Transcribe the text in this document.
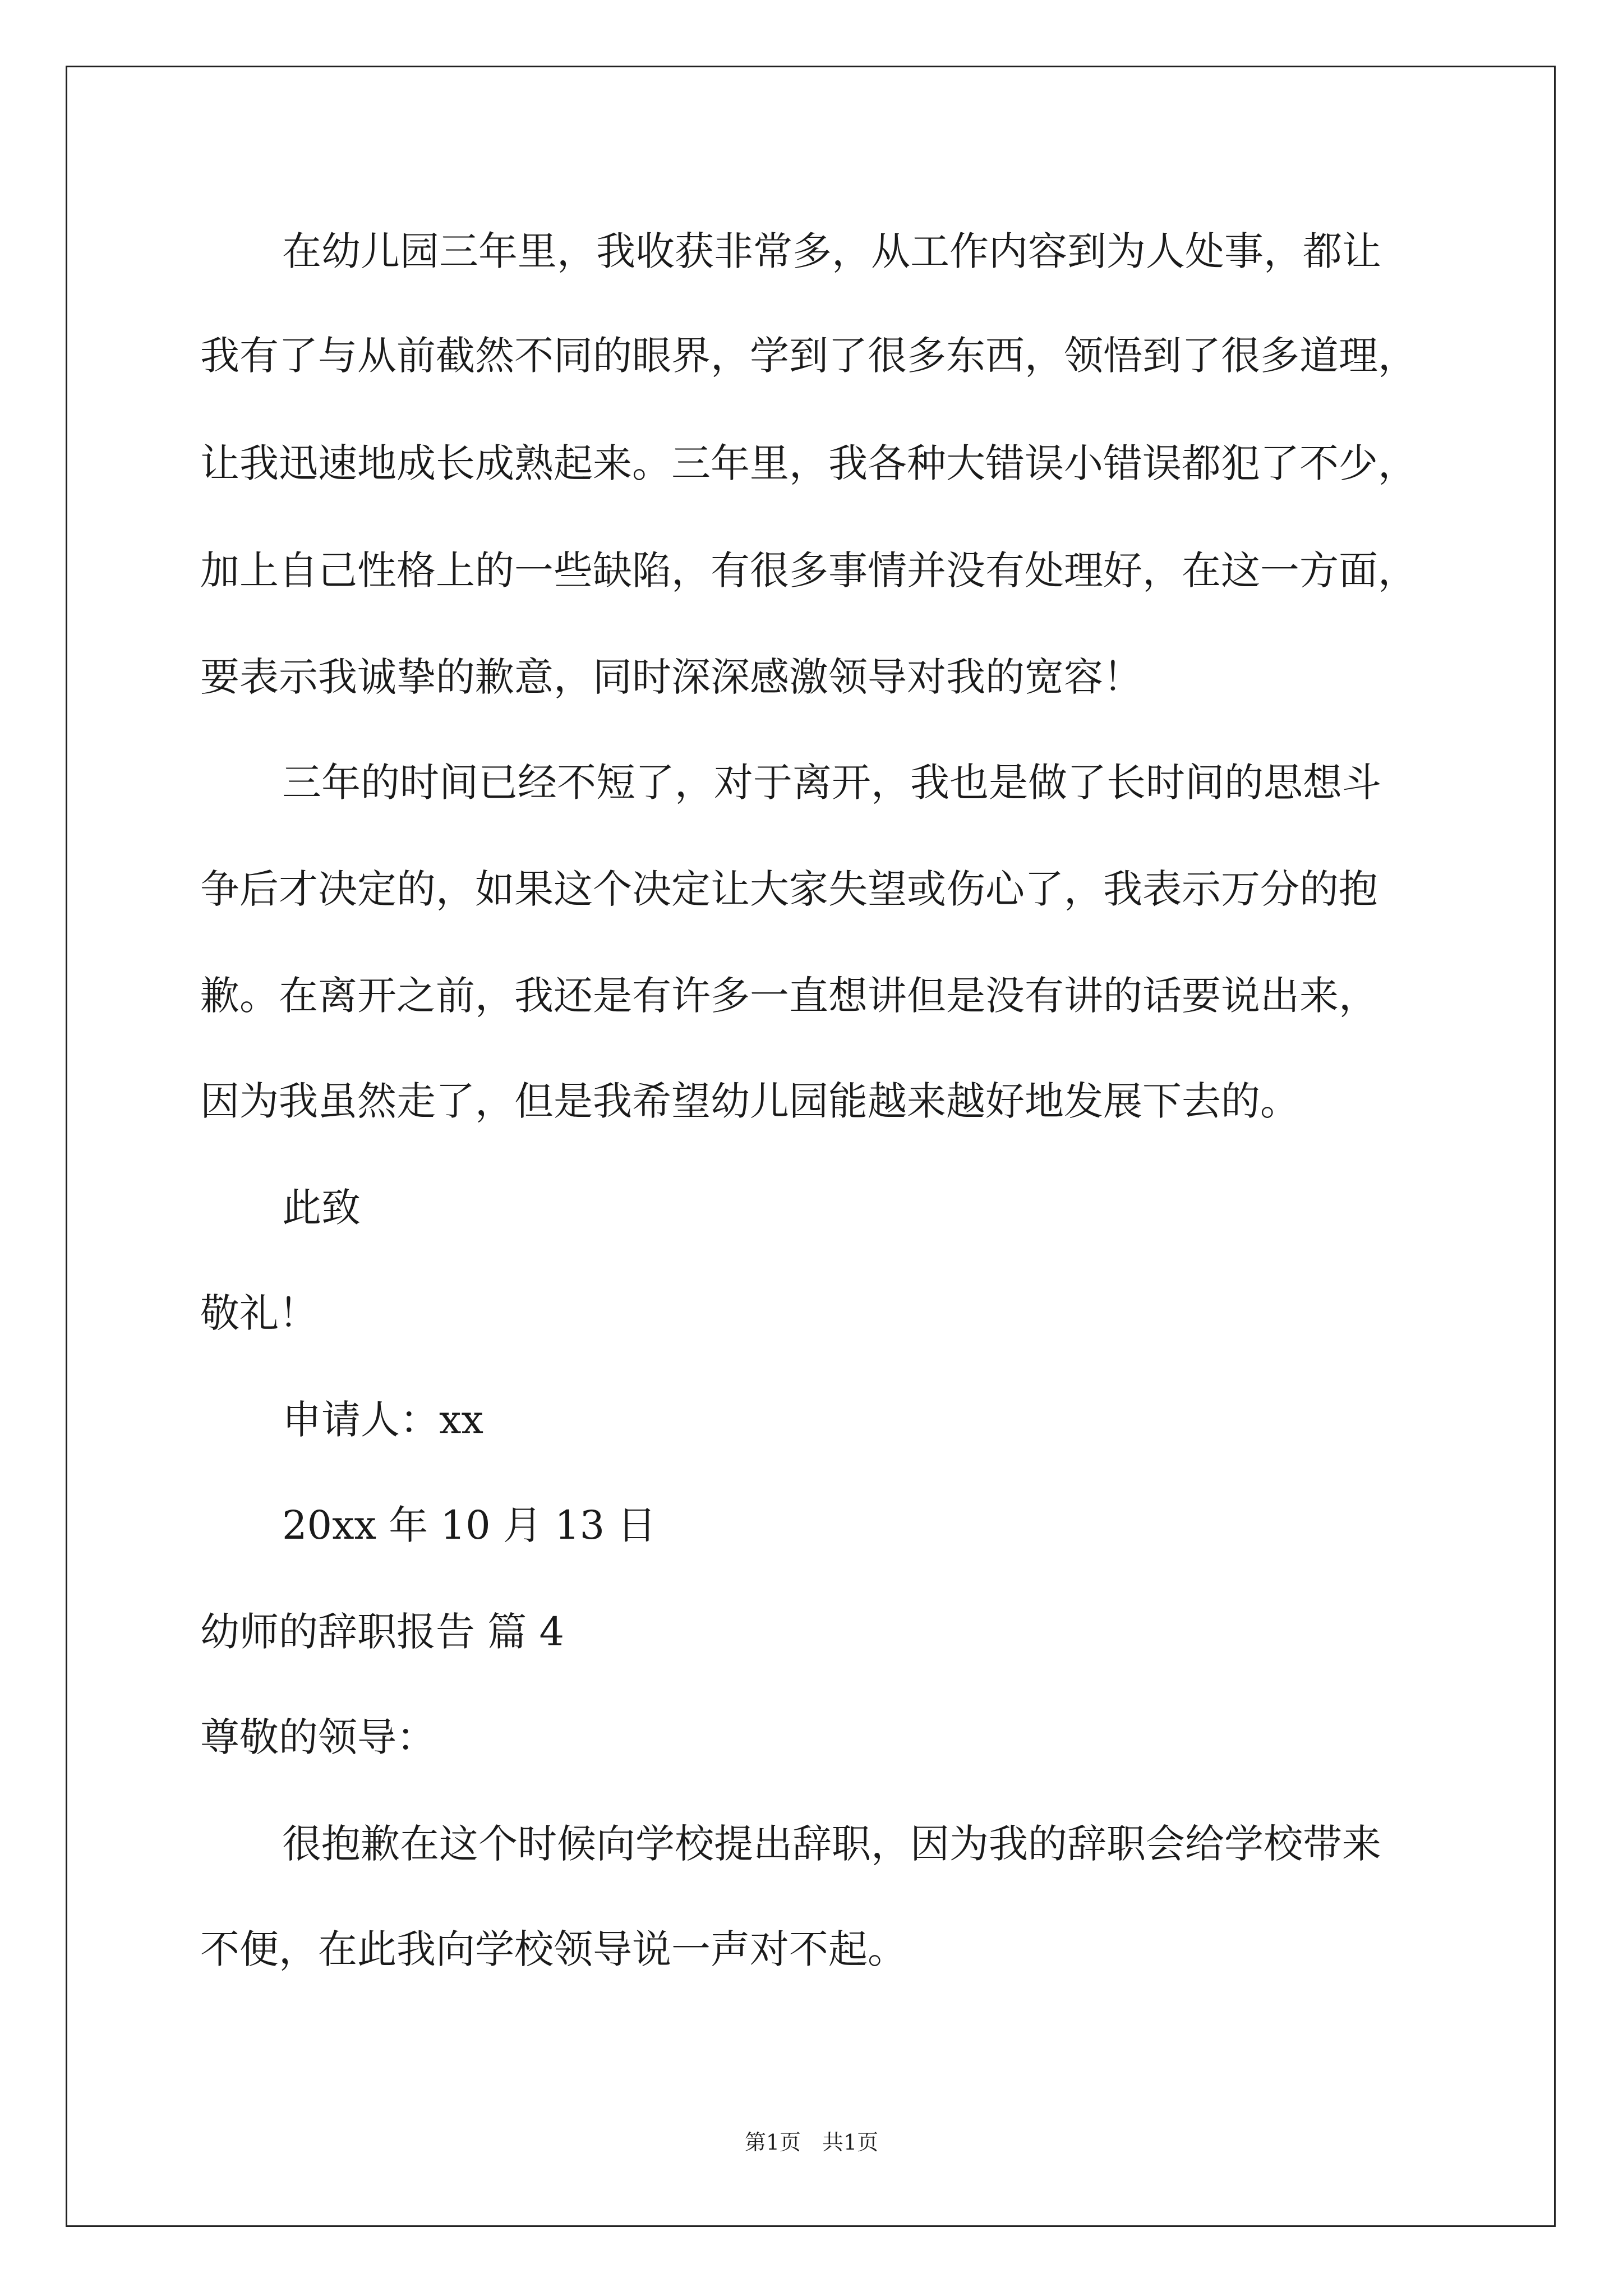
在幼儿园三年里，我收获非常多，从工作内容到为人处事，都让
我有了与从前截然不同的眼界，学到了很多东西，领悟到了很多道理，
让我迅速地成长成熟起来。三年里，我各种大错误小错误都犯了不少，
加上自己性格上的一些缺陷，有很多事情并没有处理好，在这一方面，
要表示我诚挚的歉意，同时深深感激领导对我的宽容！
三年的时间已经不短了，对于离开，我也是做了长时间的思想斗
争后才决定的，如果这个决定让大家失望或伤心了，我表示万分的抱
歉。在离开之前，我还是有许多一直想讲但是没有讲的话要说出来，
因为我虽然走了，但是我希望幼儿园能越来越好地发展下去的。
此致
敬礼！
申请人：xx
20xx 年 10 月 13 日
幼师的辞职报告 篇 4
尊敬的领导：
很抱歉在这个时候向学校提出辞职，因为我的辞职会给学校带来
不便，在此我向学校领导说一声对不起。
第1页　共1页
